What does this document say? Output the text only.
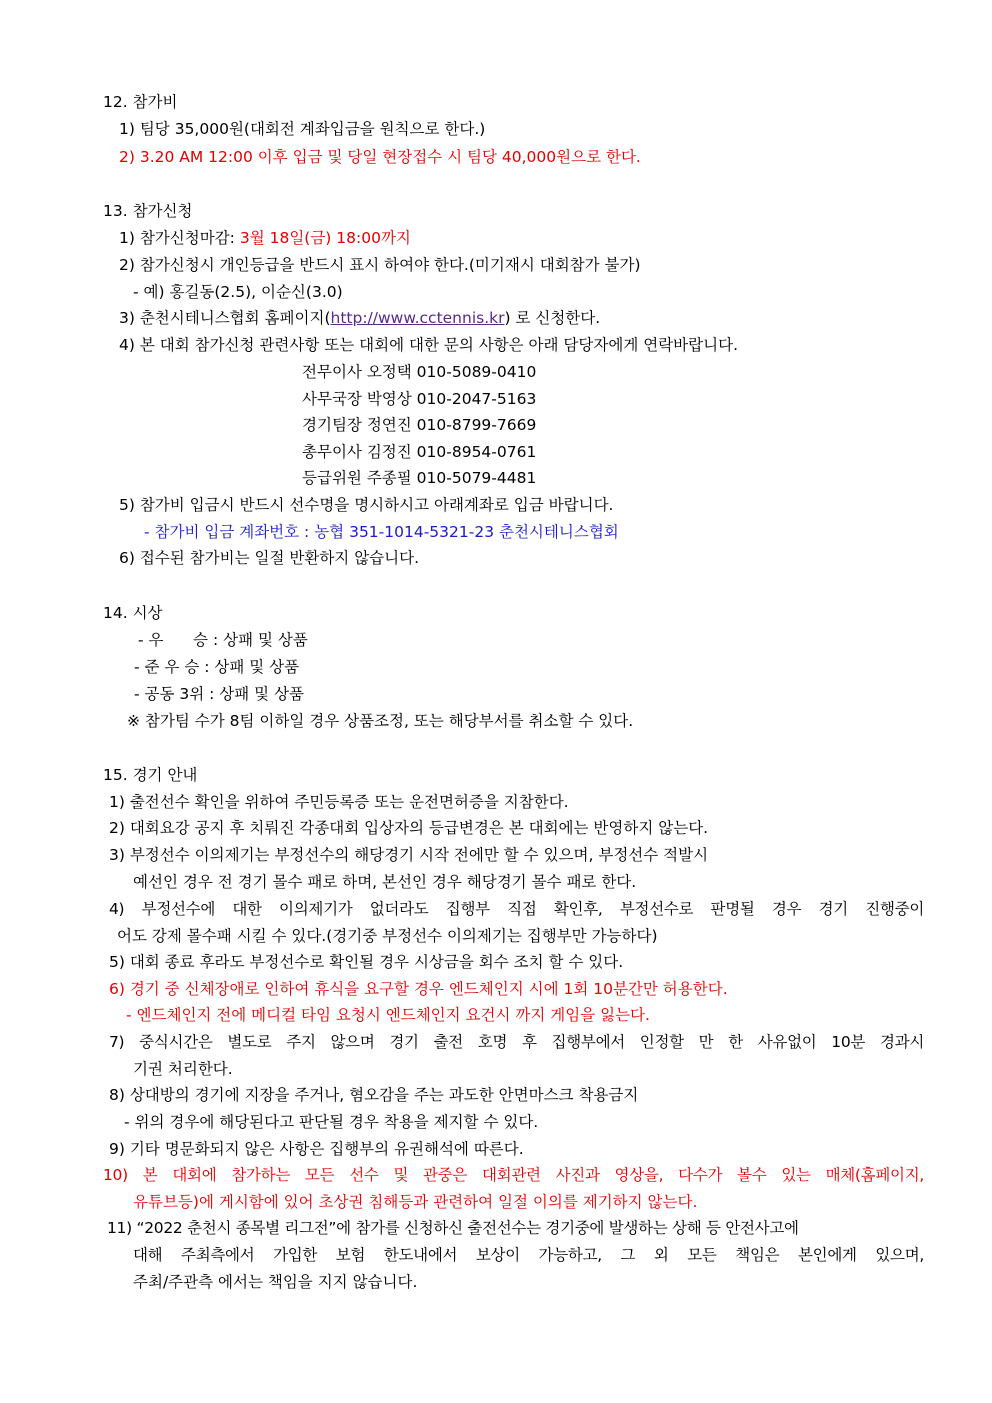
12. 참가비
1) 팀당 35,000원(대회전 계좌입금을 원칙으로 한다.)
2) 3.20 AM 12:00 이후 입금 및 당일 현장접수 시 팀당 40,000원으로 한다.
13. 참가신청
1) 참가신청마감: 3월 18일(금) 18:00까지
2) 참가신청시 개인등급을 반드시 표시 하여야 한다.(미기재시 대회참가 불가)
- 예) 홍길동(2.5), 이순신(3.0)
3) 춘천시테니스협회 홈페이지(http://www.cctennis.kr) 로 신청한다.
4) 본 대회 참가신청 관련사항 또는 대회에 대한 문의 사항은 아래 담당자에게 연락바랍니다.
전무이사 오정택 010-5089-0410
사무국장 박영상 010-2047-5163
경기팀장 정연진 010-8799-7669
총무이사 김정진 010-8954-0761
등급위원 주종필 010-5079-4481
5) 참가비 입금시 반드시 선수명을 명시하시고 아래계좌로 입금 바랍니다.
- 참가비 입금 계좌번호 : 농협 351-1014-5321-23 춘천시테니스협회
6) 접수된 참가비는 일절 반환하지 않습니다.
14. 시상
- 우      승 : 상패 및 상품
- 준 우 승 : 상패 및 상품
- 공동 3위 : 상패 및 상품
※ 참가팀 수가 8팀 이하일 경우 상품조정, 또는 해당부서를 취소할 수 있다.
15. 경기 안내
1) 출전선수 확인을 위하여 주민등록증 또는 운전면허증을 지참한다.
2) 대회요강 공지 후 치뤄진 각종대회 입상자의 등급변경은 본 대회에는 반영하지 않는다.
3) 부정선수 이의제기는 부정선수의 해당경기 시작 전에만 할 수 있으며, 부정선수 적발시
예선인 경우 전 경기 몰수 패로 하며, 본선인 경우 해당경기 몰수 패로 한다.
4) 부정선수에 대한 이의제기가 없더라도 집행부 직접 확인후, 부정선수로 판명될 경우 경기 진행중이
어도 강제 몰수패 시킬 수 있다.(경기중 부정선수 이의제기는 집행부만 가능하다)
5) 대회 종료 후라도 부정선수로 확인될 경우 시상금을 회수 조치 할 수 있다.
6) 경기 중 신체장애로 인하여 휴식을 요구할 경우 엔드체인지 시에 1회 10분간만 허용한다.
- 엔드체인지 전에 메디컬 타임 요청시 엔드체인지 요건시 까지 게임을 잃는다.
7) 중식시간은 별도로 주지 않으며 경기 출전 호명 후 집행부에서 인정할 만 한 사유없이 10분 경과시
기권 처리한다.
8) 상대방의 경기에 지장을 주거나, 혐오감을 주는 과도한 안면마스크 착용금지
- 위의 경우에 해당된다고 판단될 경우 착용을 제지할 수 있다.
9) 기타 명문화되지 않은 사항은 집행부의 유권해석에 따른다.
10) 본 대회에 참가하는 모든 선수 및 관중은 대회관련 사진과 영상을, 다수가 볼수 있는 매체(홈페이지,
유튜브등)에 게시함에 있어 초상권 침해등과 관련하여 일절 이의를 제기하지 않는다.
11) “2022 춘천시 종목별 리그전”에 참가를 신청하신 출전선수는 경기중에 발생하는 상해 등 안전사고에
대해 주최측에서 가입한 보험 한도내에서 보상이 가능하고, 그 외 모든 책임은 본인에게 있으며,
주최/주관측 에서는 책임을 지지 않습니다.
